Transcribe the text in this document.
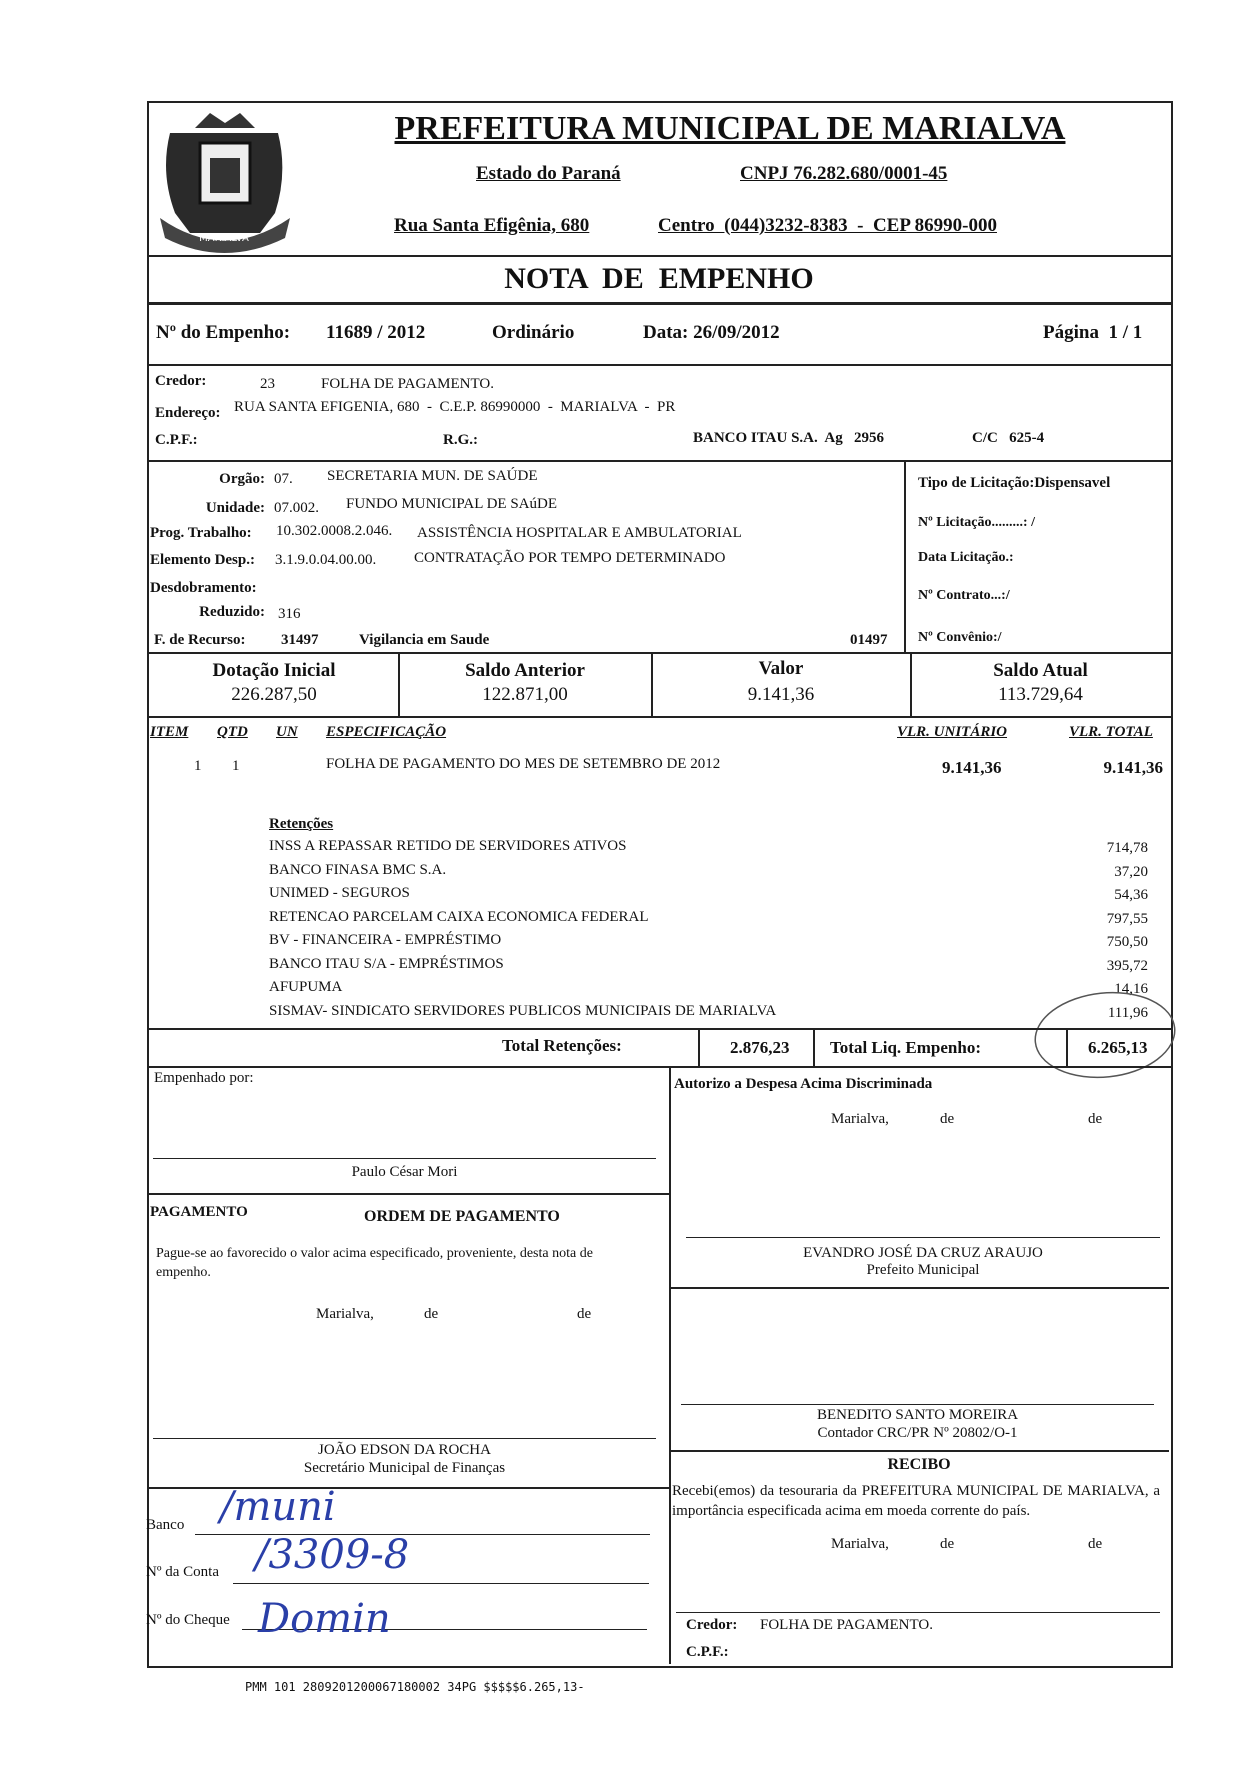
MARIALVA
PREFEITURA MUNICIPAL DE MARIALVA
Estado do Paraná	CNPJ 76.282.680/0001-45
Rua Santa Efigênia, 680	Centro  (044)3232-8383  -  CEP 86990-000
NOTA  DE  EMPENHO
Nº do Empenho: 11689 / 2012	Ordinário	Data: 26/09/2012	Página  1 / 1
Credor:	23	FOLHA DE PAGAMENTO.
Endereço: RUA SANTA EFIGENIA, 680  -  C.E.P. 86990000  -  MARIALVA  -  PR
C.P.F.:	R.G.:	BANCO ITAU S.A.  Ag   2956	C/C   625-4
Orgão: 07. SECRETARIA MUN. DE SAÚDE
Unidade: 07.002. FUNDO MUNICIPAL DE SAúDE
Prog. Trabalho: 10.302.0008.2.046. ASSISTÊNCIA HOSPITALAR E AMBULATORIAL
Elemento Desp.: 3.1.9.0.04.00.00.	CONTRATAÇÃO POR TEMPO DETERMINADO
Desdobramento:
Reduzido: 316
F. de Recurso: 31497	Vigilancia em Saude	01497
Tipo de Licitação:Dispensavel
Nº Licitação.........: /
Data Licitação.:
Nº Contrato...:/
Nº Convênio:/
Dotação Inicial
226.287,50
Saldo Anterior
122.871,00
Valor
9.141,36
Saldo Atual
113.729,64
ITEM QTD UN ESPECIFICAÇÃO	VLR. UNITÁRIO	VLR. TOTAL
1 1	FOLHA DE PAGAMENTO DO MES DE SETEMBRO DE 2012	9.141,36	9.141,36
Retenções
INSS A REPASSAR RETIDO DE SERVIDORES ATIVOS	714,78
BANCO FINASA BMC S.A.	37,20
UNIMED - SEGUROS	54,36
RETENCAO PARCELAM CAIXA ECONOMICA FEDERAL	797,55
BV - FINANCEIRA - EMPRÉSTIMO	750,50
BANCO ITAU S/A - EMPRÉSTIMOS	395,72
AFUPUMA	14,16
SISMAV- SINDICATO SERVIDORES PUBLICOS MUNICIPAIS DE MARIALVA	111,96
Total Retenções:	2.876,23 Total Liq. Empenho:	6.265,13
Empenhado por:	Autorizo a Despesa Acima Discriminada
Marialva,	de	de
Paulo César Mori
PAGAMENTO	ORDEM DE PAGAMENTO
Pague-se ao favorecido o valor acima especificado, proveniente, desta nota de empenho.
Marialva,	de	de
EVANDRO JOSÉ DA CRUZ ARAUJO
Prefeito Municipal
BENEDITO SANTO MOREIRA
Contador CRC/PR Nº 20802/O-1
JOÃO EDSON DA ROCHA
Secretário Municipal de Finanças	RECIBO
Recebi(emos) da tesouraria da PREFEITURA MUNICIPAL DE MARIALVA, a importância especificada acima em moeda corrente do país.
Marialva,	de	de
Credor: FOLHA DE PAGAMENTO.
C.P.F.:
Banco /muni
Nº da Conta /3309-8
Nº do Cheque Domin
PMM 101 2809201200067180002 34PG $$$$$6.265,13-
